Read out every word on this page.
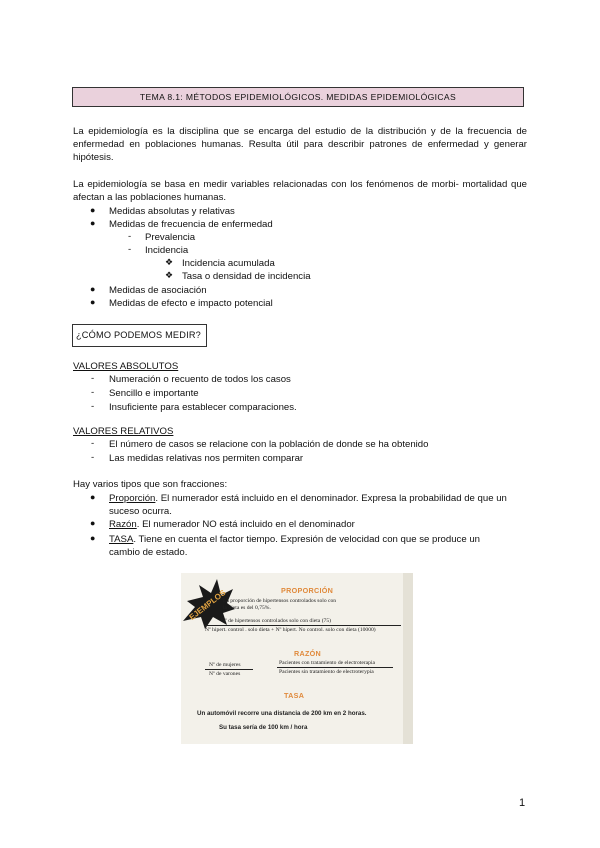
TEMA 8.1: MÉTODOS EPIDEMIOLÓGICOS. MEDIDAS EPIDEMIOLÓGICAS
La epidemiología es la disciplina que se encarga del estudio de la distribución y de la frecuencia de enfermedad en poblaciones humanas. Resulta útil para describir patrones de enfermedad y generar hipótesis.
La epidemiología se basa en medir variables relacionadas con los fenómenos de morbi- mortalidad que afectan a las poblaciones humanas.
● Medidas absolutas y relativas
● Medidas de frecuencia de enfermedad
- Prevalencia
- Incidencia
❖ Incidencia acumulada
❖ Tasa o densidad de incidencia
● Medidas de asociación
● Medidas de efecto e impacto potencial
¿CÓMO PODEMOS MEDIR?
VALORES ABSOLUTOS
- Numeración o recuento de todos los casos
- Sencillo e importante
- Insuficiente para establecer comparaciones.
VALORES RELATIVOS
- El número de casos se relacione con la población de donde se ha obtenido
- Las medidas relativas nos permiten comparar
Hay varios tipos que son fracciones:
● Proporción. El numerador está incluido en el denominador. Expresa la probabilidad de que un
suceso ocurra.
● Razón. El numerador NO está incluido en el denominador
● TASA. Tiene en cuenta el factor tiempo. Expresión de velocidad con que se produce un
cambio de estado.
EJEMPLOS	PROPORCIÓN
La proporción de hipertensos controlados solo con
la dieta es del 0,75%.
Nº de hipertensos controlados solo con dieta (75)
Nº hipert. control . solo dieta + Nº hipert. No control. solo con dieta (10000)
RAZÓN
Nº de mujeres
Nº de varones
Pacientes con tratamiento de electroterapia
Pacientes sin tratamiento de electroterypia
TASA
Un automóvil recorre una distancia de 200 km en 2 horas.
Su tasa sería de 100 km / hora
1
